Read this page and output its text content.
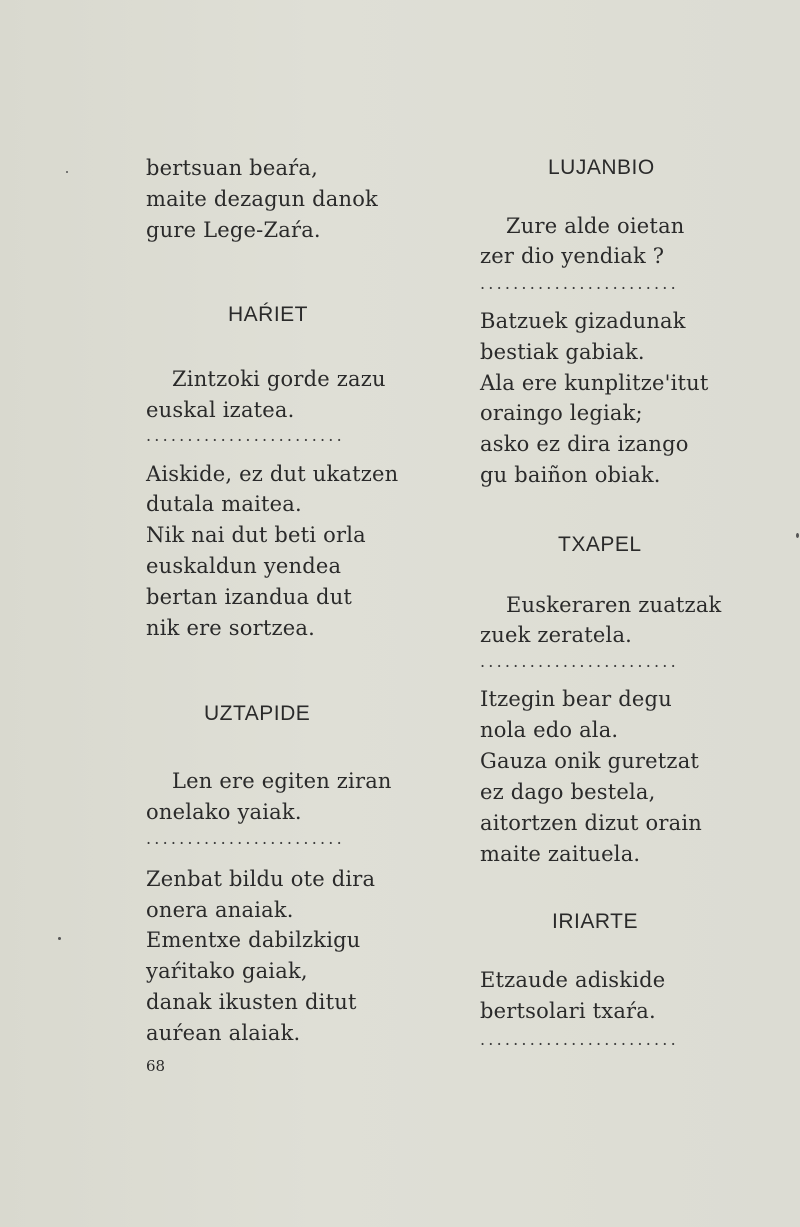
bertsuan beaŕa,
maite dezagun danok
gure Lege-Zaŕa.
HAŔIET
Zintzoki gorde zazu
euskal izatea.
........................
Aiskide, ez dut ukatzen
dutala maitea.
Nik nai dut beti orla
euskaldun yendea
bertan izandua dut
nik ere sortzea.
UZTAPIDE
Len ere egiten ziran
onelako yaiak.
........................
Zenbat bildu ote dira
onera anaiak.
Ementxe dabilzkigu
yaŕitako gaiak,
danak ikusten ditut
auŕean alaiak.
LUJANBIO
Zure alde oietan
zer dio yendiak ?
........................
Batzuek gizadunak
bestiak gabiak.
Ala ere kunplitze'itut
oraingo legiak;
asko ez dira izango
gu baiñon obiak.
TXAPEL
Euskeraren zuatzak
zuek zeratela.
........................
Itzegin bear degu
nola edo ala.
Gauza onik guretzat
ez dago bestela,
aitortzen dizut orain
maite zaituela.
IRIARTE
Etzaude adiskide
bertsolari txaŕa.
........................
68
